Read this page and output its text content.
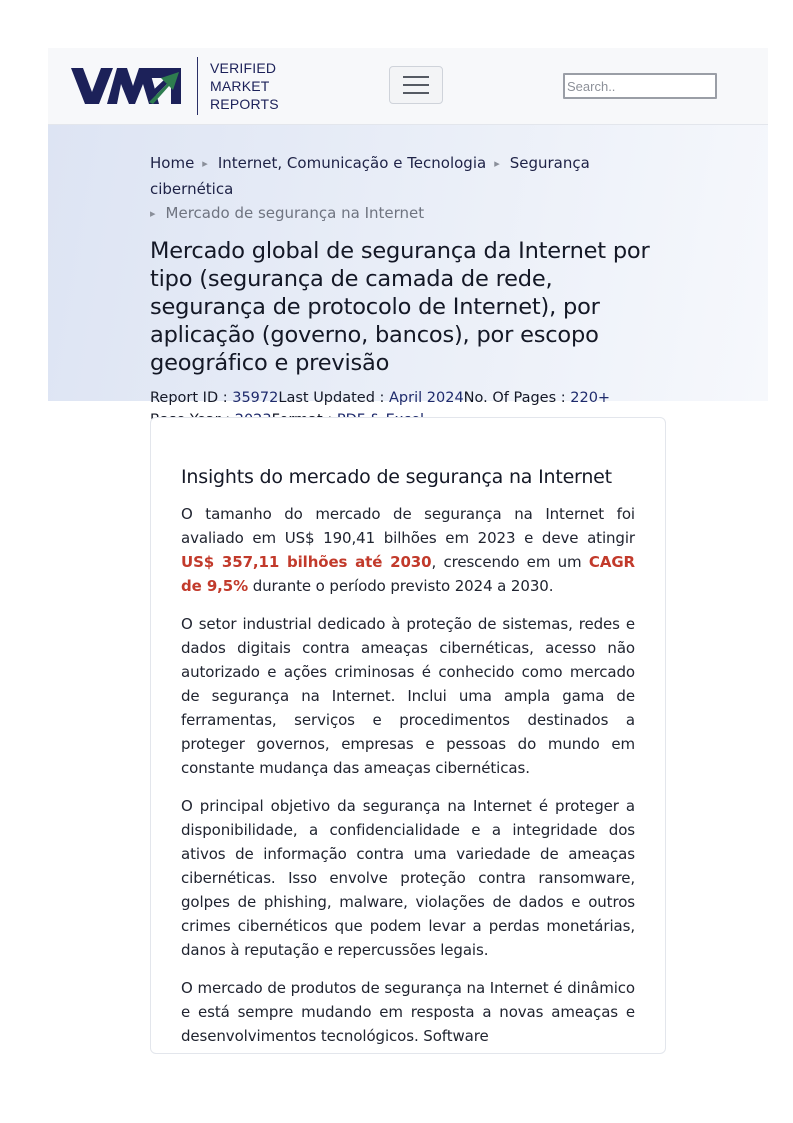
VERIFIED
MARKET
REPORTS
Search..
Home ▸ Internet, Comunicação e Tecnologia ▸ Segurança cibernética
▸ Mercado de segurança na Internet
Mercado global de segurança da Internet por tipo (segurança de camada de rede, segurança de protocolo de Internet), por aplicação (governo, bancos), por escopo geográfico e previsão
Report ID : 35972Last Updated : April 2024No. Of Pages : 220+
Insights do mercado de segurança na Internet

O tamanho do mercado de segurança na Internet foi avaliado em US$ 190,41 bilhões em 2023 e deve atingir US$ 357,11 bilhões até 2030, crescendo em um CAGR de 9,5% durante o período previsto 2024 a 2030.

O setor industrial dedicado à proteção de sistemas, redes e dados digitais contra ameaças cibernéticas, acesso não autorizado e ações criminosas é conhecido como mercado de segurança na Internet. Inclui uma ampla gama de ferramentas, serviços e procedimentos destinados a proteger governos, empresas e pessoas do mundo em constante mudança das ameaças cibernéticas.

O principal objetivo da segurança na Internet é proteger a disponibilidade, a confidencialidade e a integridade dos ativos de informação contra uma variedade de ameaças cibernéticas. Isso envolve proteção contra ransomware, golpes de phishing, malware, violações de dados e outros crimes cibernéticos que podem levar a perdas monetárias, danos à reputação e repercussões legais.

O mercado de produtos de segurança na Internet é dinâmico e está sempre mudando em resposta a novas ameaças e desenvolvimentos tecnológicos. Software
